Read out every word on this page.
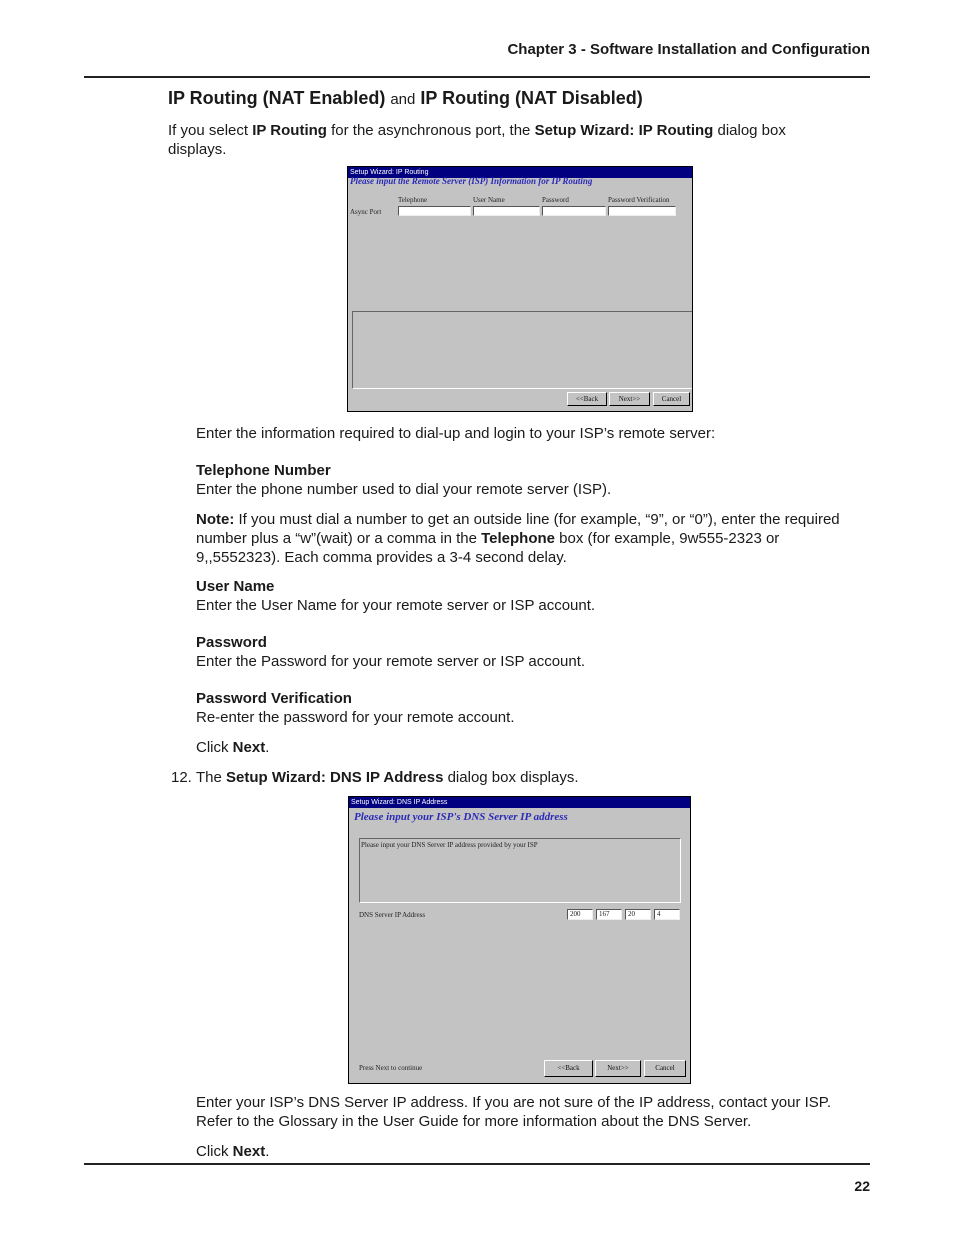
Chapter 3 - Software Installation and Configuration
IP Routing (NAT Enabled) and IP Routing (NAT Disabled)
If you select IP Routing for the asynchronous port, the Setup Wizard: IP Routing dialog box
displays.
Setup Wizard: IP Routing
Please input the Remote Server (ISP) Information for IP Routing
Telephone	User Name	Password	Password Verification
Async Port
<<Back	Next>>	Cancel
Enter the information required to dial-up and login to your ISP’s remote server:
Telephone Number
Enter the phone number used to dial your remote server (ISP).
Note: If you must dial a number to get an outside line (for example, “9”, or “0”), enter the required
number plus a “w”(wait) or a comma in the Telephone box (for example, 9w555-2323 or
9,,5552323). Each comma provides a 3-4 second delay.
User Name
Enter the User Name for your remote server or ISP account.
Password
Enter the Password for your remote server or ISP account.
Password Verification
Re-enter the password for your remote account.
Click Next.
12. The Setup Wizard: DNS IP Address dialog box displays.
Setup Wizard: DNS IP Address
Please input your ISP's DNS Server IP address
Please input your DNS Server IP address provided by your ISP
DNS Server IP Address	200	167	20	4
Press Next to continue	<<Back	Next>>	Cancel
Enter your ISP’s DNS Server IP address. If you are not sure of the IP address, contact your ISP.
Refer to the Glossary in the User Guide for more information about the DNS Server.
Click Next.
22
